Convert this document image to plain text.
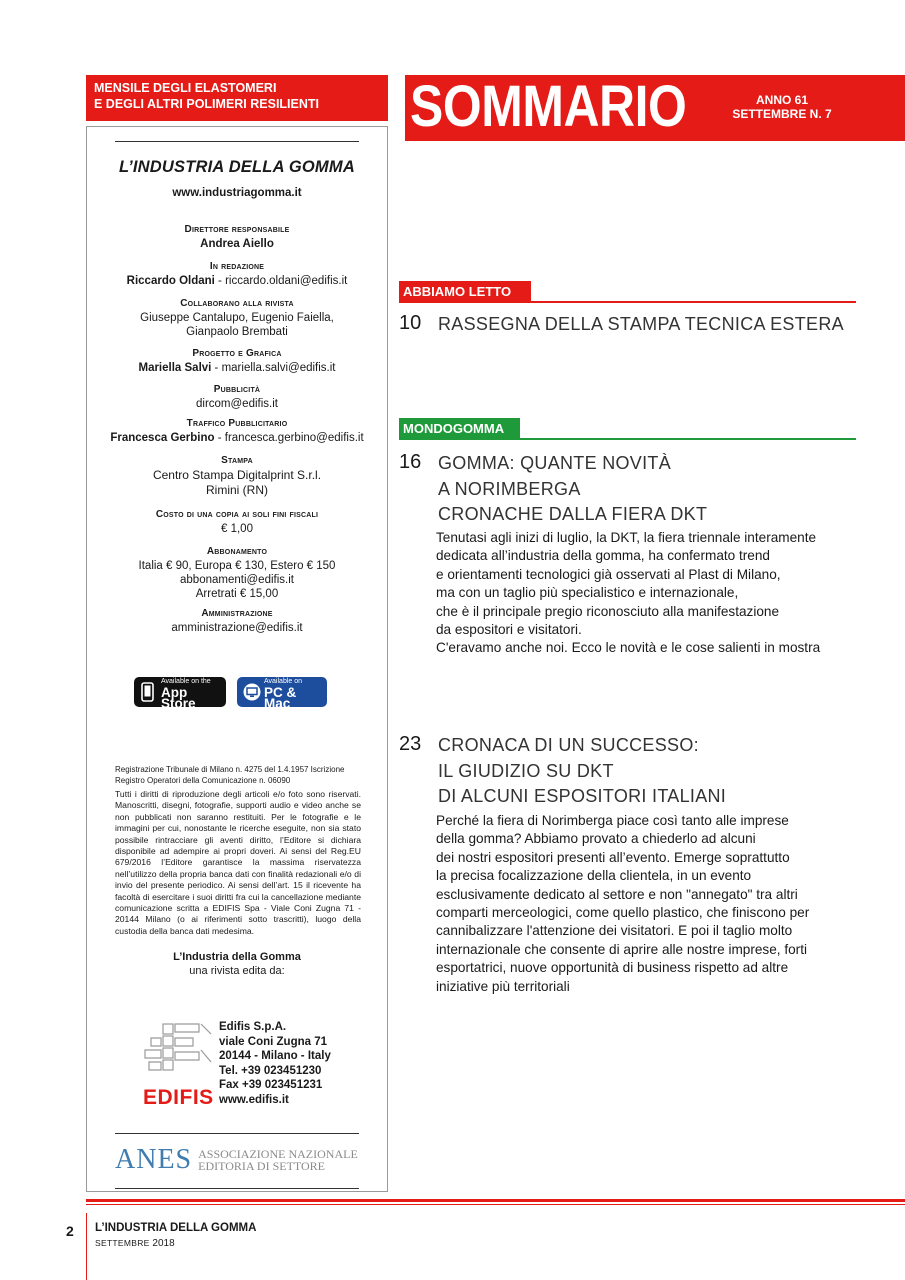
MENSILE DEGLI ELASTOMERI
E DEGLI ALTRI POLIMERI RESILIENTI
L’INDUSTRIA DELLA GOMMA
www.industriagomma.it
Direttore responsabile
Andrea Aiello
In redazione
Riccardo Oldani - riccardo.oldani@edifis.it
Collaborano alla rivista
Giuseppe Cantalupo, Eugenio Faiella,
Gianpaolo Brembati
Progetto e Grafica
Mariella Salvi - mariella.salvi@edifis.it
Pubblicità
dircom@edifis.it
Traffico Pubblicitario
Francesca Gerbino - francesca.gerbino@edifis.it
Stampa
Centro Stampa Digitalprint S.r.l.
Rimini (RN)
Costo di una copia ai soli fini fiscali
€ 1,00
Abbonamento
Italia € 90, Europa € 130, Estero € 150
abbonamenti@edifis.it
Arretrati € 15,00
Amministrazione
amministrazione@edifis.it
Available on the
App Store
Available on
PC & Mac
Registrazione Tribunale di Milano n. 4275 del 1.4.1957 Iscrizione
Registro Operatori della Comunicazione n. 06090
Tutti i diritti di riproduzione degli articoli e/o foto sono riservati. Manoscritti, disegni, fotografie, supporti audio e video anche se non pubblicati non saranno restituiti. Per le fotografie e le immagini per cui, nonostante le ricerche eseguite, non sia stato possibile rintracciare gli aventi diritto, l’Editore si dichiara disponibile ad adempire ai propri doveri. Ai sensi del Reg.EU 679/2016 l’Editore garantisce la massima riservatezza nell’utilizzo della propria banca dati con finalità redazionali e/o di invio del presente periodico. Ai sensi dell’art. 15 il ricevente ha facoltà di esercitare i suoi diritti fra cui la cancellazione mediante comunicazione scritta a EDIFIS Spa - Viale Coni Zugna 71 - 20144 Milano (o ai riferimenti sotto trascritti), luogo della custodia della banca dati medesima.
L’Industria della Gomma
una rivista edita da:
EDIFIS
Edifis S.p.A.
viale Coni Zugna 71
20144 - Milano - Italy
Tel. +39 023451230
Fax +39 023451231
www.edifis.it
ANES ASSOCIAZIONE NAZIONALE
EDITORIA DI SETTORE
SOMMARIO	ANNO 61
SETTEMBRE N. 7
ABBIAMO LETTO
10 RASSEGNA DELLA STAMPA TECNICA ESTERA
MONDOGOMMA
16 GOMMA: QUANTE NOVITÀ
A NORIMBERGA
CRONACHE DALLA FIERA DKT
Tenutasi agli inizi di luglio, la DKT, la fiera triennale interamente
dedicata all’industria della gomma, ha confermato trend
e orientamenti tecnologici già osservati al Plast di Milano,
ma con un taglio più specialistico e internazionale,
che è il principale pregio riconosciuto alla manifestazione
da espositori e visitatori.
C'eravamo anche noi. Ecco le novità e le cose salienti in mostra
23 CRONACA DI UN SUCCESSO:
IL GIUDIZIO SU DKT
DI ALCUNI ESPOSITORI ITALIANI
Perché la fiera di Norimberga piace così tanto alle imprese
della gomma? Abbiamo provato a chiederlo ad alcuni
dei nostri espositori presenti all’evento. Emerge soprattutto
la precisa focalizzazione della clientela, in un evento
esclusivamente dedicato al settore e non "annegato" tra altri
comparti merceologici, come quello plastico, che finiscono per
cannibalizzare l'attenzione dei visitatori. E poi il taglio molto
internazionale che consente di aprire alle nostre imprese, forti
esportatrici, nuove opportunità di business rispetto ad altre
iniziative più territoriali
2 L’INDUSTRIA DELLA GOMMA
SETTEMBRE 2018
